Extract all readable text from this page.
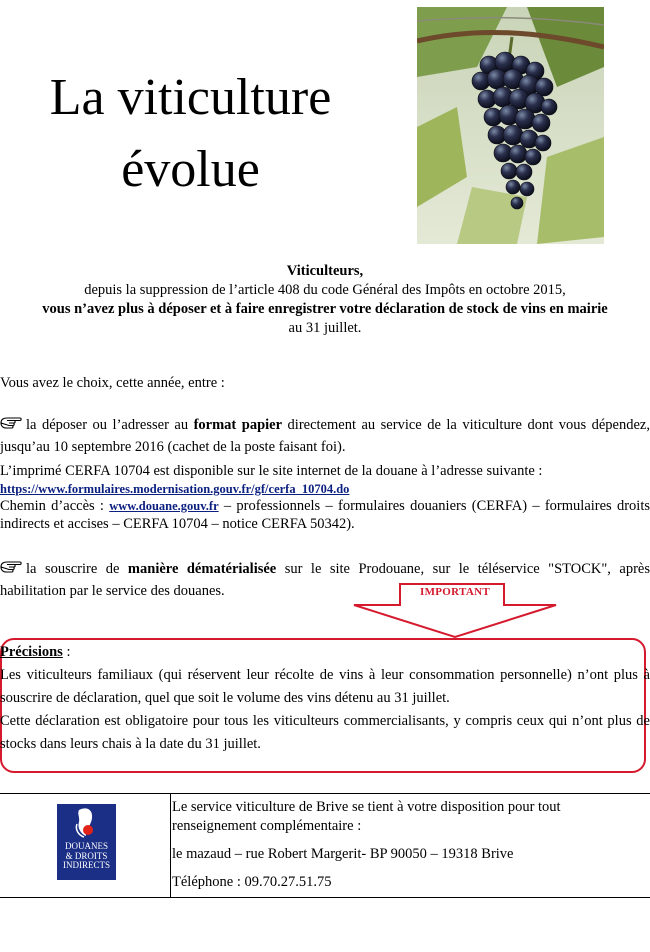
La viticulture
évolue
Viticulteurs,
depuis la suppression de l’article 408 du code Général des Impôts en octobre 2015,
vous n’avez plus à déposer et à faire enregistrer votre déclaration de stock de vins en mairie
au 31 juillet.
Vous avez le choix, cette année, entre :
la déposer ou l’adresser au format papier directement au service de la viticulture dont vous dépendez, jusqu’au 10 septembre 2016 (cachet de la poste faisant foi).
L’imprimé CERFA 10704 est disponible sur le site internet de la douane à l’adresse suivante :
https://www.formulaires.modernisation.gouv.fr/gf/cerfa_10704.do
Chemin d’accès : www.douane.gouv.fr – professionnels – formulaires douaniers (CERFA) – formulaires droits indirects et accises – CERFA 10704 – notice CERFA 50342).
la souscrire de manière dématérialisée sur le site Prodouane, sur le téléservice "STOCK", après habilitation par le service des douanes.	IMPORTANT
Précisions :
Les viticulteurs familiaux (qui réservent leur récolte de vins à leur consommation personnelle) n’ont plus à souscrire de déclaration, quel que soit le volume des vins détenu au 31 juillet.
Cette déclaration est obligatoire pour tous les viticulteurs commercialisants, y compris ceux qui n’ont plus de stocks dans leurs chais à la date du 31 juillet.
DOUANES
& DROITS
INDIRECTS
Le service viticulture de Brive se tient à votre disposition pour tout renseignement complémentaire :
le mazaud – rue Robert Margerit- BP 90050 – 19318 Brive
Téléphone : 09.70.27.51.75
